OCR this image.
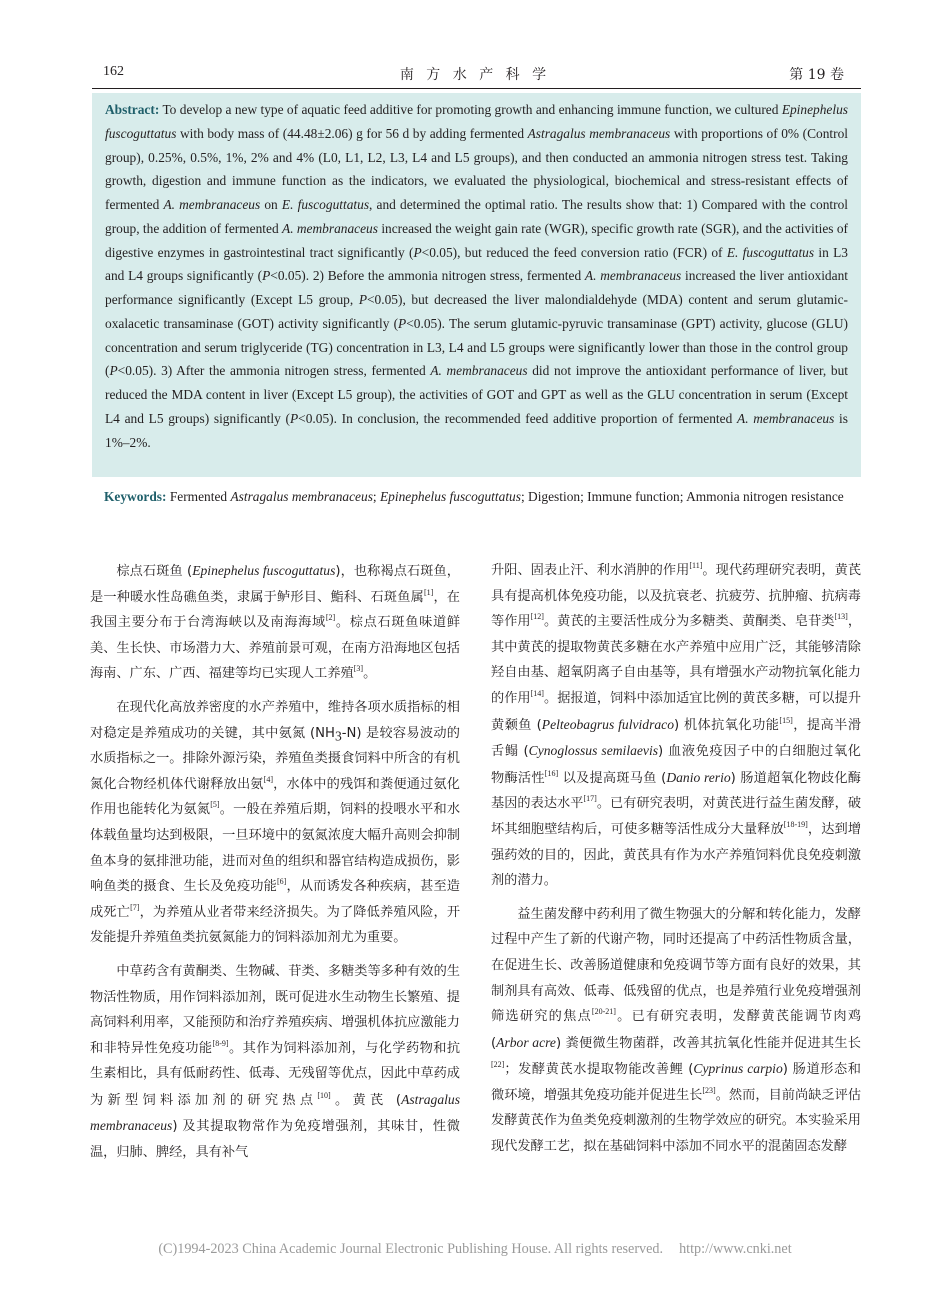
162	南 方 水 产 科 学	第 19 卷

Abstract: To develop a new type of aquatic feed additive for promoting growth and enhancing immune function, we cultured Epinephelus fuscoguttatus with body mass of (44.48±2.06) g for 56 d by adding fermented Astragalus membranaceus with proportions of 0% (Control group), 0.25%, 0.5%, 1%, 2% and 4% (L0, L1, L2, L3, L4 and L5 groups), and then conducted an ammonia nitrogen stress test. Taking growth, digestion and immune function as the indicators, we evaluated the physiological, biochemical and stress-resistant effects of fermented A. membranaceus on E. fuscoguttatus, and determined the optimal ratio. The results show that: 1) Compared with the control group, the addition of fermented A. membranaceus increased the weight gain rate (WGR), specific growth rate (SGR), and the activities of digestive enzymes in gastrointestinal tract significantly (P<0.05), but reduced the feed conversion ratio (FCR) of E. fuscoguttatus in L3 and L4 groups significantly (P<0.05). 2) Before the ammonia nitrogen stress, fermented A. membranaceus increased the liver antioxidant performance significantly (Except L5 group, P<0.05), but decreased the liver malondialdehyde (MDA) content and serum glutamic-oxalacetic transaminase (GOT) activity significantly (P<0.05). The serum glutamic-pyruvic transaminase (GPT) activity, glucose (GLU) concentration and serum triglyceride (TG) concentration in L3, L4 and L5 groups were significantly lower than those in the control group (P<0.05). 3) After the ammonia nitrogen stress, fermented A. membranaceus did not improve the antioxidant performance of liver, but reduced the MDA content in liver (Except L5 group), the activities of GOT and GPT as well as the GLU concentration in serum (Except L4 and L5 groups) significantly (P<0.05). In conclusion, the recommended feed additive proportion of fermented A. membranaceus is 1%–2%.

Keywords: Fermented Astragalus membranaceus; Epinephelus fuscoguttatus; Digestion; Immune function; Ammonia nitrogen resistance

棕点石斑鱼 (Epinephelus fuscoguttatus)，也称褐点石斑鱼，是一种暖水性岛礁鱼类，隶属于鲈形目、鮨科、石斑鱼属[1]，在我国主要分布于台湾海峡以及南海海域[2]。棕点石斑鱼味道鲜美、生长快、市场潜力大、养殖前景可观，在南方沿海地区包括海南、广东、广西、福建等均已实现人工养殖[3]。

在现代化高放养密度的水产养殖中，维持各项水质指标的相对稳定是养殖成功的关键，其中氨氮 $(NH_3-N)$ 是较容易波动的水质指标之一。排除外源污染，养殖鱼类摄食饲料中所含的有机氮化合物经机体代谢释放出氨[4]，水体中的残饵和粪便通过氨化作用也能转化为氨氮[5]。一般在养殖后期，饲料的投喂水平和水体载鱼量均达到极限，一旦环境中的氨氮浓度大幅升高则会抑制鱼本身的氨排泄功能，进而对鱼的组织和器官结构造成损伤，影响鱼类的摄食、生长及免疫功能[6]，从而诱发各种疾病，甚至造成死亡[7]，为养殖从业者带来经济损失。为了降低养殖风险，开发能提升养殖鱼类抗氨氮能力的饲料添加剂尤为重要。

中草药含有黄酮类、生物碱、苷类、多糖类等多种有效的生物活性物质，用作饲料添加剂，既可促进水生动物生长繁殖、提高饲料利用率，又能预防和治疗养殖疾病、增强机体抗应激能力和非特异性免疫功能[8-9]。其作为饲料添加剂，与化学药物和抗生素相比，具有低耐药性、低毒、无残留等优点，因此中草药成为新型饲料添加剂的研究热点[10]。黄芪 (Astragalus membranaceus) 及其提取物常作为免疫增强剂，其味甘，性微温，归肺、脾经，具有补气

升阳、固表止汗、利水消肿的作用[11]。现代药理研究表明，黄芪具有提高机体免疫功能，以及抗衰老、抗疲劳、抗肿瘤、抗病毒等作用[12]。黄芪的主要活性成分为多糖类、黄酮类、皂苷类[13]，其中黄芪的提取物黄芪多糖在水产养殖中应用广泛，其能够清除羟自由基、超氧阴离子自由基等，具有增强水产动物抗氧化能力的作用[14]。据报道，饲料中添加适宜比例的黄芪多糖，可以提升黄颡鱼 (Pelteobagrus fulvidraco) 机体抗氧化功能[15]，提高半滑舌鳎 (Cynoglossus semilaevis) 血液免疫因子中的白细胞过氧化物酶活性[16] 以及提高斑马鱼 (Danio rerio) 肠道超氧化物歧化酶基因的表达水平[17]。已有研究表明，对黄芪进行益生菌发酵，破坏其细胞壁结构后，可使多糖等活性成分大量释放[18-19]，达到增强药效的目的，因此，黄芪具有作为水产养殖饲料优良免疫刺激剂的潜力。

益生菌发酵中药利用了微生物强大的分解和转化能力，发酵过程中产生了新的代谢产物，同时还提高了中药活性物质含量，在促进生长、改善肠道健康和免疫调节等方面有良好的效果，其制剂具有高效、低毒、低残留的优点，也是养殖行业免疫增强剂筛选研究的焦点[20-21]。已有研究表明，发酵黄芪能调节肉鸡 (Arbor acre) 粪便微生物菌群，改善其抗氧化性能并促进其生长[22]；发酵黄芪水提取物能改善鲤 (Cyprinus carpio) 肠道形态和微环境，增强其免疫功能并促进生长[23]。然而，目前尚缺乏评估发酵黄芪作为鱼类免疫刺激剂的生物学效应的研究。本实验采用现代发酵工艺，拟在基础饲料中添加不同水平的混菌固态发酵

(C)1994-2023 China Academic Journal Electronic Publishing House. All rights reserved. http://www.cnki.net
